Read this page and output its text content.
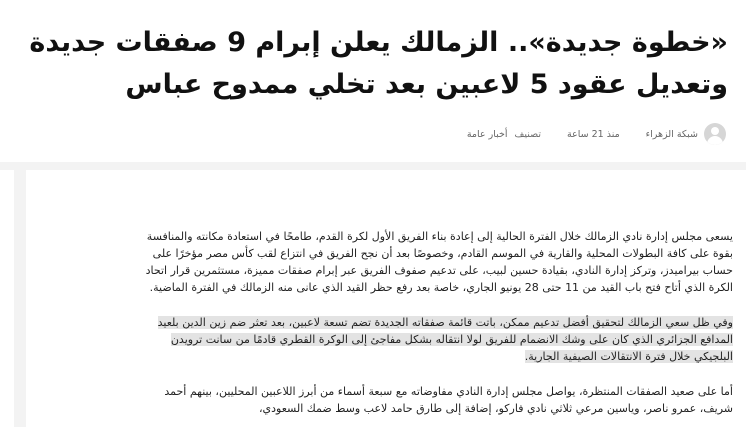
«خطوة جديدة».. الزمالك يعلن إبرام 9 صفقات جديدة وتعديل عقود 5 لاعبين بعد تخلي ممدوح عباس
شبكة الزهراء
منذ 21 ساعة
تصنيف أخبار عامة

يسعى مجلس إدارة نادي الزمالك خلال الفترة الحالية إلى إعادة بناء الفريق الأول لكرة القدم، طامحًا في استعادة مكانته والمنافسة بقوة على كافة البطولات المحلية والقارية في الموسم القادم، وخصوصًا بعد أن نجح الفريق في انتزاع لقب كأس مصر مؤخرًا على حساب بيراميدز، وتركز إدارة النادي، بقيادة حسين لبيب، على تدعيم صفوف الفريق عبر إبرام صفقات مميزة، مستثمرين قرار اتحاد الكرة الذي أتاح فتح باب القيد من 11 حتى 28 يونيو الجاري، خاصة بعد رفع حظر القيد الذي عانى منه الزمالك في الفترة الماضية.

وفي ظل سعي الزمالك لتحقيق أفضل تدعيم ممكن، باتت قائمة صفقاته الجديدة تضم تسعة لاعبين، بعد تعثر ضم زين الدين بلعيد المدافع الجزائري الذي كان على وشك الانضمام للفريق لولا انتقاله بشكل مفاجئ إلى الوكرة القطري قادمًا من سانت ترويدن البلجيكي خلال فترة الانتقالات الصيفية الجارية.

أما على صعيد الصفقات المنتظرة، يواصل مجلس إدارة النادي مفاوضاته مع سبعة أسماء من أبرز اللاعبين المحليين، بينهم أحمد شريف، عمرو ناصر، وياسين مرعي ثلاثي نادي فاركو، إضافة إلى طارق حامد لاعب وسط ضمك السعودي،
